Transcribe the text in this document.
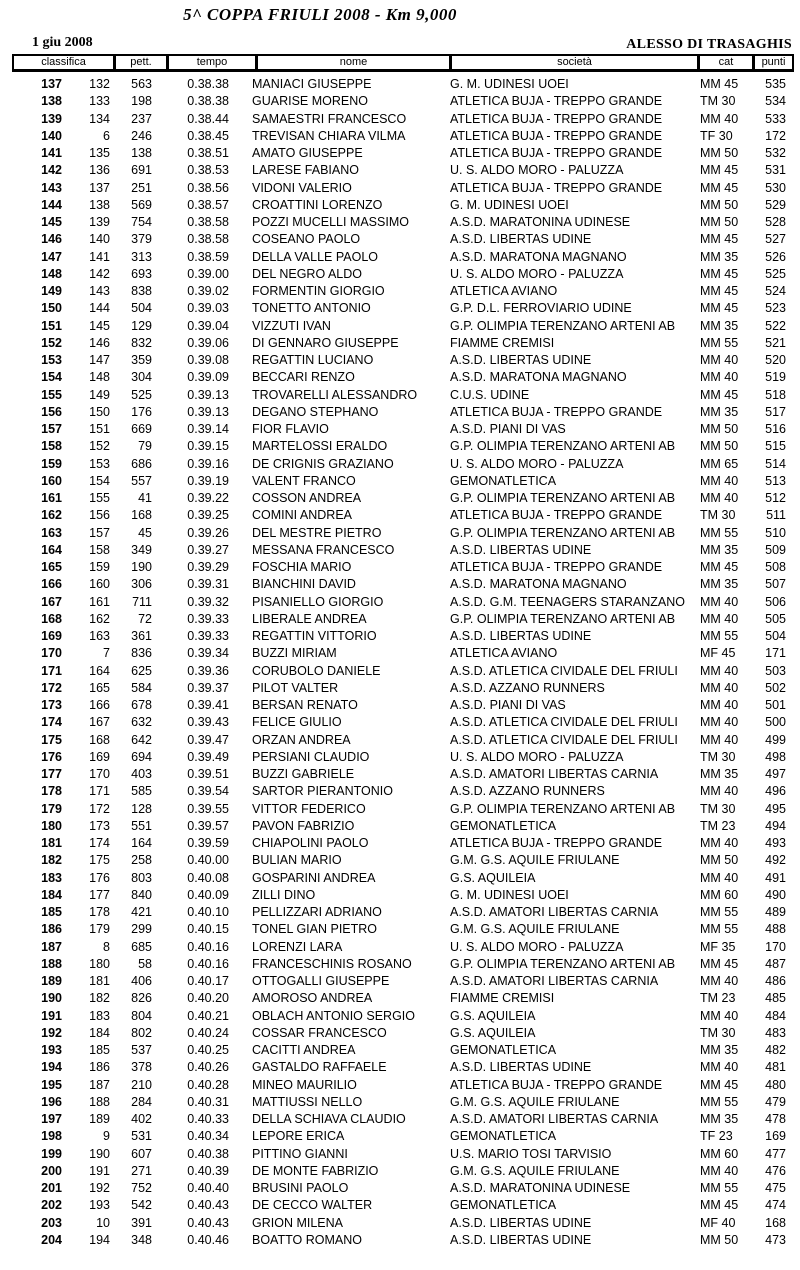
5^ COPPA FRIULI 2008 - Km 9,000
1 giu 2008	ALESSO DI TRASAGHIS
classifica	pett.	tempo	nome	società	cat	punti
137	132	563	0.38.38 MANIACI GIUSEPPE	G. M. UDINESI UOEI	MM 45	535
138	133	198	0.38.38 GUARISE MORENO	ATLETICA BUJA - TREPPO GRANDE	TM 30	534
139	134	237	0.38.44 SAMAESTRI FRANCESCO	ATLETICA BUJA - TREPPO GRANDE	MM 40	533
140	6	246	0.38.45 TREVISAN CHIARA VILMA	ATLETICA BUJA - TREPPO GRANDE	TF 30	172
141	135	138	0.38.51 AMATO GIUSEPPE	ATLETICA BUJA - TREPPO GRANDE	MM 50	532
142	136	691	0.38.53 LARESE FABIANO	U. S. ALDO MORO - PALUZZA	MM 45	531
143	137	251	0.38.56 VIDONI VALERIO	ATLETICA BUJA - TREPPO GRANDE	MM 45	530
144	138	569	0.38.57 CROATTINI LORENZO	G. M. UDINESI UOEI	MM 50	529
145	139	754	0.38.58 POZZI MUCELLI MASSIMO	A.S.D. MARATONINA UDINESE	MM 50	528
146	140	379	0.38.58 COSEANO PAOLO	A.S.D. LIBERTAS UDINE	MM 45	527
147	141	313	0.38.59 DELLA VALLE PAOLO	A.S.D. MARATONA MAGNANO	MM 35	526
148	142	693	0.39.00 DEL NEGRO ALDO	U. S. ALDO MORO - PALUZZA	MM 45	525
149	143	838	0.39.02 FORMENTIN GIORGIO	ATLETICA AVIANO	MM 45	524
150	144	504	0.39.03 TONETTO ANTONIO	G.P. D.L. FERROVIARIO UDINE	MM 45	523
151	145	129	0.39.04 VIZZUTI IVAN	G.P. OLIMPIA TERENZANO ARTENI AB	MM 35	522
152	146	832	0.39.06 DI GENNARO GIUSEPPE	FIAMME CREMISI	MM 55	521
153	147	359	0.39.08 REGATTIN LUCIANO	A.S.D. LIBERTAS UDINE	MM 40	520
154	148	304	0.39.09 BECCARI RENZO	A.S.D. MARATONA MAGNANO	MM 40	519
155	149	525	0.39.13 TROVARELLI ALESSANDRO	C.U.S. UDINE	MM 45	518
156	150	176	0.39.13 DEGANO STEPHANO	ATLETICA BUJA - TREPPO GRANDE	MM 35	517
157	151	669	0.39.14 FIOR FLAVIO	A.S.D. PIANI DI VAS	MM 50	516
158	152	79	0.39.15 MARTELOSSI ERALDO	G.P. OLIMPIA TERENZANO ARTENI AB	MM 50	515
159	153	686	0.39.16 DE CRIGNIS GRAZIANO	U. S. ALDO MORO - PALUZZA	MM 65	514
160	154	557	0.39.19 VALENT FRANCO	GEMONATLETICA	MM 40	513
161	155	41	0.39.22 COSSON ANDREA	G.P. OLIMPIA TERENZANO ARTENI AB	MM 40	512
162	156	168	0.39.25 COMINI ANDREA	ATLETICA BUJA - TREPPO GRANDE	TM 30	511
163	157	45	0.39.26 DEL MESTRE PIETRO	G.P. OLIMPIA TERENZANO ARTENI AB	MM 55	510
164	158	349	0.39.27 MESSANA FRANCESCO	A.S.D. LIBERTAS UDINE	MM 35	509
165	159	190	0.39.29 FOSCHIA MARIO	ATLETICA BUJA - TREPPO GRANDE	MM 45	508
166	160	306	0.39.31 BIANCHINI DAVID	A.S.D. MARATONA MAGNANO	MM 35	507
167	161	711	0.39.32 PISANIELLO GIORGIO	A.S.D. G.M. TEENAGERS STARANZANO	MM 40	506
168	162	72	0.39.33 LIBERALE ANDREA	G.P. OLIMPIA TERENZANO ARTENI AB	MM 40	505
169	163	361	0.39.33 REGATTIN VITTORIO	A.S.D. LIBERTAS UDINE	MM 55	504
170	7	836	0.39.34 BUZZI MIRIAM	ATLETICA AVIANO	MF 45	171
171	164	625	0.39.36 CORUBOLO DANIELE	A.S.D. ATLETICA CIVIDALE DEL FRIULI	MM 40	503
172	165	584	0.39.37 PILOT VALTER	A.S.D. AZZANO RUNNERS	MM 40	502
173	166	678	0.39.41 BERSAN RENATO	A.S.D. PIANI DI VAS	MM 40	501
174	167	632	0.39.43 FELICE GIULIO	A.S.D. ATLETICA CIVIDALE DEL FRIULI	MM 40	500
175	168	642	0.39.47 ORZAN ANDREA	A.S.D. ATLETICA CIVIDALE DEL FRIULI	MM 40	499
176	169	694	0.39.49 PERSIANI CLAUDIO	U. S. ALDO MORO - PALUZZA	TM 30	498
177	170	403	0.39.51 BUZZI GABRIELE	A.S.D. AMATORI LIBERTAS CARNIA	MM 35	497
178	171	585	0.39.54 SARTOR PIERANTONIO	A.S.D. AZZANO RUNNERS	MM 40	496
179	172	128	0.39.55 VITTOR FEDERICO	G.P. OLIMPIA TERENZANO ARTENI AB	TM 30	495
180	173	551	0.39.57 PAVON FABRIZIO	GEMONATLETICA	TM 23	494
181	174	164	0.39.59 CHIAPOLINI PAOLO	ATLETICA BUJA - TREPPO GRANDE	MM 40	493
182	175	258	0.40.00 BULIAN MARIO	G.M. G.S. AQUILE FRIULANE	MM 50	492
183	176	803	0.40.08 GOSPARINI ANDREA	G.S. AQUILEIA	MM 40	491
184	177	840	0.40.09 ZILLI DINO	G. M. UDINESI UOEI	MM 60	490
185	178	421	0.40.10 PELLIZZARI ADRIANO	A.S.D. AMATORI LIBERTAS CARNIA	MM 55	489
186	179	299	0.40.15 TONEL GIAN PIETRO	G.M. G.S. AQUILE FRIULANE	MM 55	488
187	8	685	0.40.16 LORENZI LARA	U. S. ALDO MORO - PALUZZA	MF 35	170
188	180	58	0.40.16 FRANCESCHINIS ROSANO	G.P. OLIMPIA TERENZANO ARTENI AB	MM 45	487
189	181	406	0.40.17 OTTOGALLI GIUSEPPE	A.S.D. AMATORI LIBERTAS CARNIA	MM 40	486
190	182	826	0.40.20 AMOROSO ANDREA	FIAMME CREMISI	TM 23	485
191	183	804	0.40.21 OBLACH ANTONIO SERGIO	G.S. AQUILEIA	MM 40	484
192	184	802	0.40.24 COSSAR FRANCESCO	G.S. AQUILEIA	TM 30	483
193	185	537	0.40.25 CACITTI ANDREA	GEMONATLETICA	MM 35	482
194	186	378	0.40.26 GASTALDO RAFFAELE	A.S.D. LIBERTAS UDINE	MM 40	481
195	187	210	0.40.28 MINEO MAURILIO	ATLETICA BUJA - TREPPO GRANDE	MM 45	480
196	188	284	0.40.31 MATTIUSSI NELLO	G.M. G.S. AQUILE FRIULANE	MM 55	479
197	189	402	0.40.33 DELLA SCHIAVA CLAUDIO	A.S.D. AMATORI LIBERTAS CARNIA	MM 35	478
198	9	531	0.40.34 LEPORE ERICA	GEMONATLETICA	TF 23	169
199	190	607	0.40.38 PITTINO GIANNI	U.S. MARIO TOSI TARVISIO	MM 60	477
200	191	271	0.40.39 DE MONTE FABRIZIO	G.M. G.S. AQUILE FRIULANE	MM 40	476
201	192	752	0.40.40 BRUSINI PAOLO	A.S.D. MARATONINA UDINESE	MM 55	475
202	193	542	0.40.43 DE CECCO WALTER	GEMONATLETICA	MM 45	474
203	10	391	0.40.43 GRION MILENA	A.S.D. LIBERTAS UDINE	MF 40	168
204	194	348	0.40.46 BOATTO ROMANO	A.S.D. LIBERTAS UDINE	MM 50	473
